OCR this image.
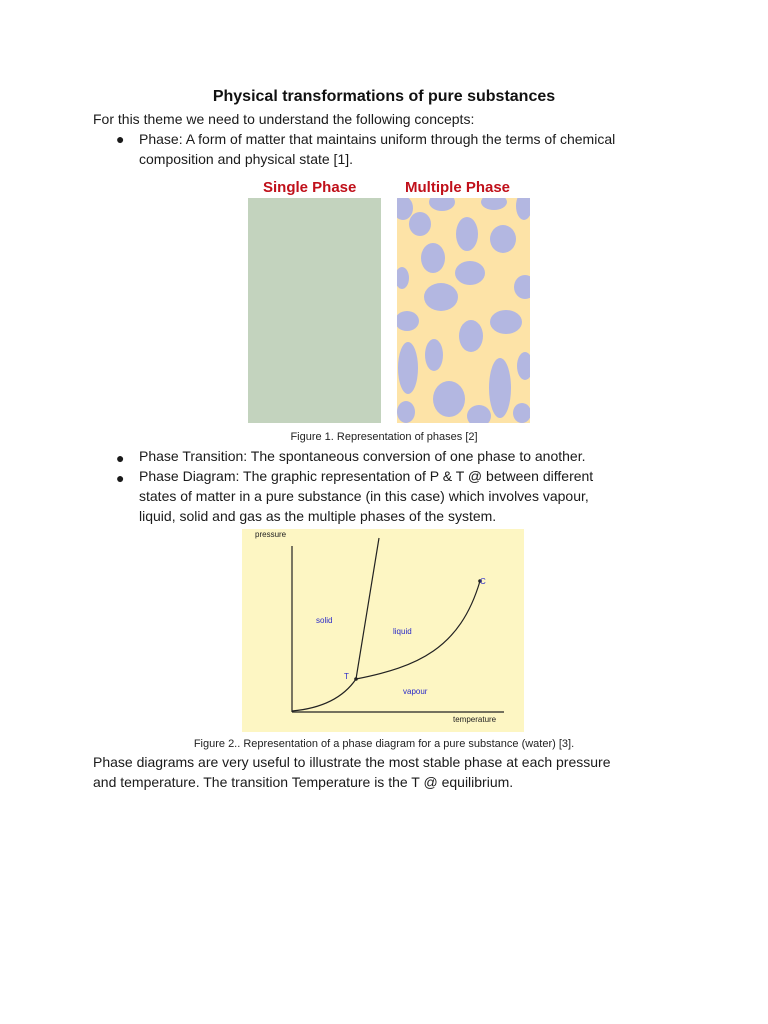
Physical transformations of pure substances
For this theme we need to understand the following concepts:
● Phase: A form of matter that maintains uniform through the terms of chemical
composition and physical state [1].
Single Phase	Multiple Phase
Figure 1. Representation of phases [2]
● Phase Transition: The spontaneous conversion of one phase to another.
● Phase Diagram: The graphic representation of P & T @ between different
states of matter in a pure substance (in this case) which involves vapour,
liquid, solid and gas as the multiple phases of the system.
pressure
temperature
solid
liquid
vapour
T
C
Figure 2.. Representation of a phase diagram for a pure substance (water) [3].
Phase diagrams are very useful to illustrate the most stable phase at each pressure
and temperature. The transition Temperature is the T @ equilibrium.
